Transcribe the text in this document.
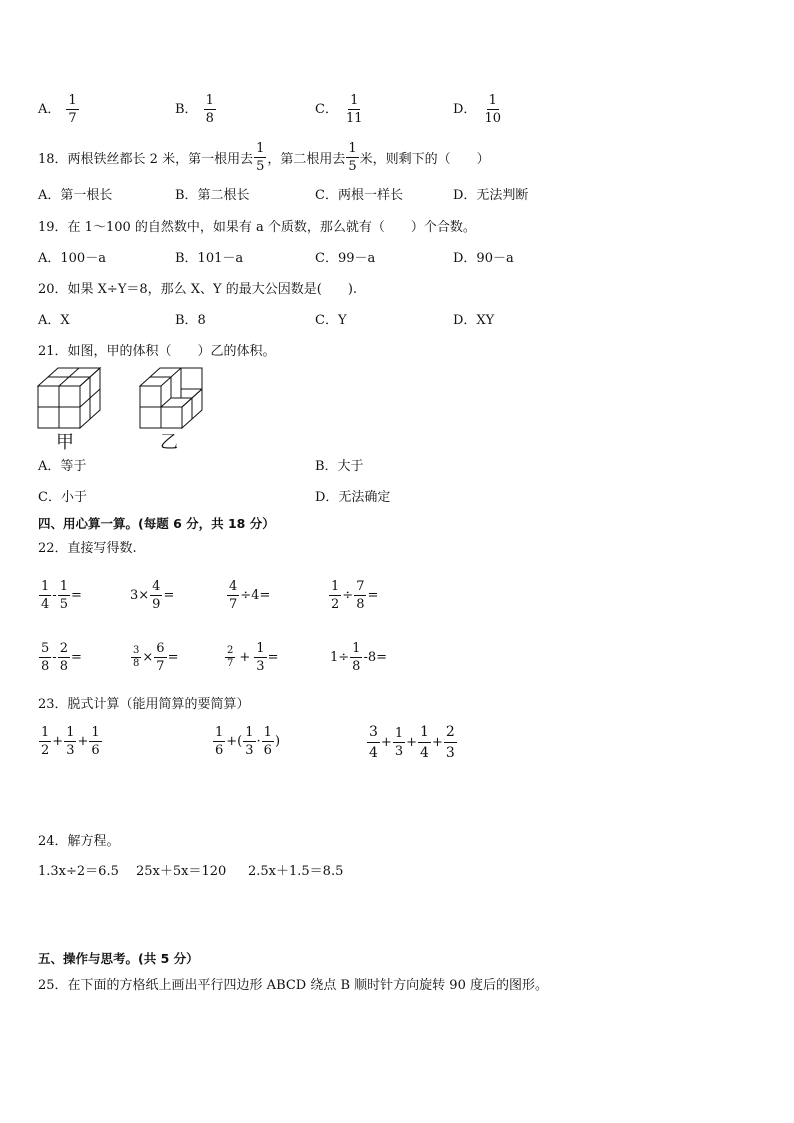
A． $\frac{1}{7}$	B． $\frac{1}{8}$	C． $\frac{1}{11}$	D． $\frac{1}{10}$
18．两根铁丝都长 2 米，第一根用去 $\frac{1}{5}$ ，第二根用去 $\frac{1}{5}$ 米，则剩下的（　　）
A．第一根长	B．第二根长	C．两根一样长	D．无法判断
19．在 1～100 的自然数中，如果有 a 个质数，那么就有（　　）个合数。
A．100－a	B．101－a	C．99－a	D．90－a
20．如果 X÷Y＝8，那么 X、Y 的最大公因数是(　　).
A．X	B．8	C．Y	D．XY
21．如图，甲的体积（　　）乙的体积。
甲	乙
A．等于	B．大于
C．小于	D．无法确定
四、用心算一算。(每题 6 分，共 18 分）
22．直接写得数.
$\frac{1}{4} - \frac{1}{5}$ =	$3\times \frac{4}{9}$ =	$\frac{4}{7} \div 4=$	$\frac{1}{2} \div \frac{7}{8}$ =
$\frac{5}{8} - \frac{2}{8}$ =	$\frac{3}{8} \times \frac{6}{7}$ =	$\frac{2}{7} + \frac{1}{3}$ =	$1\div \frac{1}{8} - 8=$
23．脱式计算（能用简算的要简算）
$\frac{1}{2} + \frac{1}{3} + \frac{1}{6}$	$\frac{1}{6}$ +( $\frac{1}{3} \cdot \frac{1}{6}$ )	$\frac{3}{4} + \frac{1}{3} + \frac{1}{4} + \frac{2}{3}$
24．解方程。
1.3x÷2＝6.5 25x＋5x＝120 2.5x＋1.5＝8.5
五、操作与思考。(共 5 分）
25．在下面的方格纸上画出平行四边形 ABCD 绕点 B 顺时针方向旋转 90 度后的图形。
